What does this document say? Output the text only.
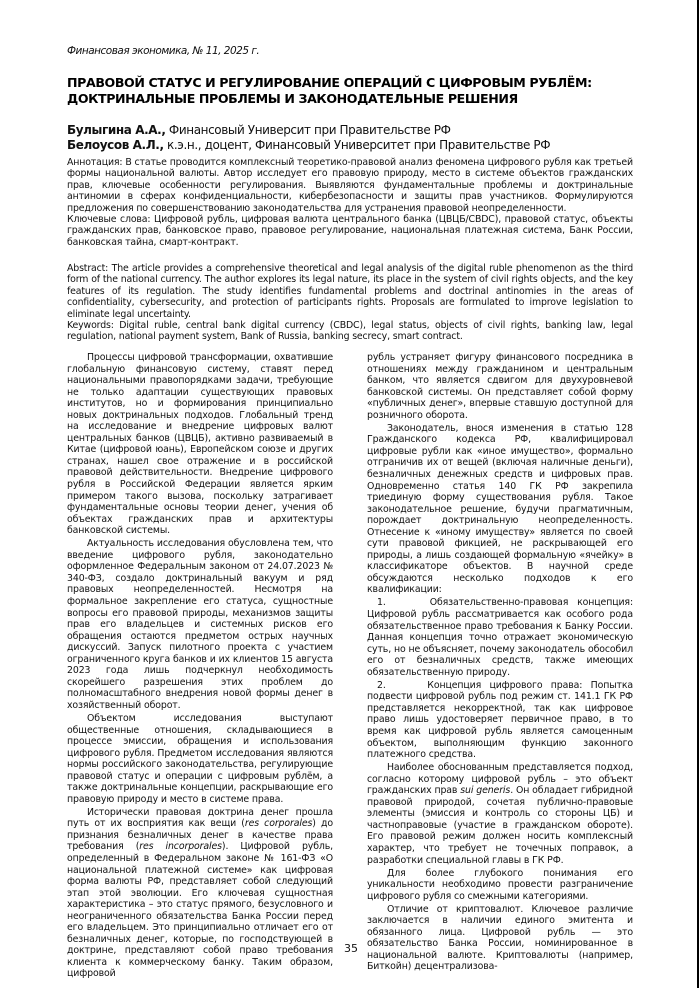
Финансовая экономика, № 11, 2025 г.
ПРАВОВОЙ СТАТУС И РЕГУЛИРОВАНИЕ ОПЕРАЦИЙ С ЦИФРОВЫМ РУБЛЁМ:
ДОКТРИНАЛЬНЫЕ ПРОБЛЕМЫ И ЗАКОНОДАТЕЛЬНЫЕ РЕШЕНИЯ
Булыгина А.А., Финансовый Университ при Правительстве РФ
Белоусов А.Л., к.э.н., доцент, Финансовый Университет при Правительстве РФ

Аннотация: В статье проводится комплексный теоретико-правовой анализ феномена цифрового рубля как третьей формы национальной валюты. Автор исследует его правовую природу, место в системе объектов гражданских прав, ключевые особенности регулирования. Выявляются фундаментальные проблемы и доктринальные антиномии в сферах конфиденциальности, кибербезопасности и защиты прав участников. Формулируются предложения по совершенствованию законодательства для устранения правовой неопределенности.

Ключевые слова: Цифровой рубль, цифровая валюта центрального банка (ЦВЦБ/CBDC), правовой статус, объекты гражданских прав, банковское право, правовое регулирование, национальная платежная система, Банк России, банковская тайна, смарт-контракт.

Abstract: The article provides a comprehensive theoretical and legal analysis of the digital ruble phenomenon as the third form of the national currency. The author explores its legal nature, its place in the system of civil rights objects, and the key features of its regulation. The study identifies fundamental problems and doctrinal antinomies in the areas of confidentiality, cybersecurity, and protection of participants rights. Proposals are formulated to improve legislation to eliminate legal uncertainty.

Keywords: Digital ruble, central bank digital currency (CBDC), legal status, objects of civil rights, banking law, legal regulation, national payment system, Bank of Russia, banking secrecy, smart contract.

Процессы цифровой трансформации, охватившие глобальную финансовую систему, ставят перед национальными правопорядками задачи, требующие не только адаптации существующих правовых институтов, но и формирования принципиально новых доктринальных подходов. Глобальный тренд на исследование и внедрение цифровых валют центральных банков (ЦВЦБ), активно развиваемый в Китае (цифровой юань), Европейском союзе и других странах, нашел свое отражение и в российской правовой действительности. Внедрение цифрового рубля в Российской Федерации является ярким примером такого вызова, поскольку затрагивает фундаментальные основы теории денег, учения об объектах гражданских прав и архитектуры банковской системы.

Актуальность исследования обусловлена тем, что введение цифрового рубля, законодательно оформленное Федеральным законом от 24.07.2023 № 340-ФЗ, создало доктринальный вакуум и ряд правовых неопределенностей. Несмотря на формальное закрепление его статуса, сущностные вопросы его правовой природы, механизмов защиты прав его владельцев и системных рисков его обращения остаются предметом острых научных дискуссий. Запуск пилотного проекта с участием ограниченного круга банков и их клиентов 15 августа 2023 года лишь подчеркнул необходимость скорейшего разрешения этих проблем до полномасштабного внедрения новой формы денег в хозяйственный оборот.

Объектом исследования выступают общественные отношения, складывающиеся в процессе эмиссии, обращения и использования цифрового рубля. Предметом исследования являются нормы российского законодательства, регулирующие правовой статус и операции с цифровым рублём, а также доктринальные концепции, раскрывающие его правовую природу и место в системе права.

Исторически правовая доктрина денег прошла путь от их восприятия как вещи (res corporales) до признания безналичных денег в качестве права требования (res incorporales). Цифровой рубль, определенный в Федеральном законе № 161-ФЗ «О национальной платежной системе» как цифровая форма валюты РФ, представляет собой следующий этап этой эволюции. Его ключевая сущностная характеристика – это статус прямого, безусловного и неограниченного обязательства Банка России перед его владельцем. Это принципиально отличает его от безналичных денег, которые, по господствующей в доктрине, представляют собой право требования клиента к коммерческому банку. Таким образом, цифровой

рубль устраняет фигуру финансового посредника в отношениях между гражданином и центральным банком, что является сдвигом для двухуровневой банковской системы. Он представляет собой форму «публичных денег», впервые ставшую доступной для розничного оборота.

Законодатель, внося изменения в статью 128 Гражданского кодекса РФ, квалифицировал цифровые рубли как «иное имущество», формально отграничив их от вещей (включая наличные деньги), безналичных денежных средств и цифровых прав. Одновременно статья 140 ГК РФ закрепила триединую форму существования рубля. Такое законодательное решение, будучи прагматичным, порождает доктринальную неопределенность. Отнесение к «иному имуществу» является по своей сути правовой фикцией, не раскрывающей его природы, а лишь создающей формальную «ячейку» в классификаторе объектов. В научной среде обсуждаются несколько подходов к его квалификации:

1.     Обязательственно-правовая концепция: Цифровой рубль рассматривается как особого рода обязательственное право требования к Банку России. Данная концепция точно отражает экономическую суть, но не объясняет, почему законодатель обособил его от безналичных средств, также имеющих обязательственную природу.

2.     Концепция цифрового права: Попытка подвести цифровой рубль под режим ст. 141.1 ГК РФ представляется некорректной, так как цифровое право лишь удостоверяет первичное право, в то время как цифровой рубль является самоценным объектом, выполняющим функцию законного платежного средства.

Наиболее обоснованным представляется подход, согласно которому цифровой рубль – это объект гражданских прав sui generis. Он обладает гибридной правовой природой, сочетая публично-правовые элементы (эмиссия и контроль со стороны ЦБ) и частноправовые (участие в гражданском обороте). Его правовой режим должен носить комплексный характер, что требует не точечных поправок, а разработки специальной главы в ГК РФ.

Для более глубокого понимания его уникальности необходимо провести разграничение цифрового рубля со смежными категориями.

Отличие от криптовалют. Ключевое различие заключается в наличии единого эмитента и обязанного лица. Цифровой рубль — это обязательство Банка России, номинированное в национальной валюте. Криптовалюты (например, Биткойн) децентрализова-

35
